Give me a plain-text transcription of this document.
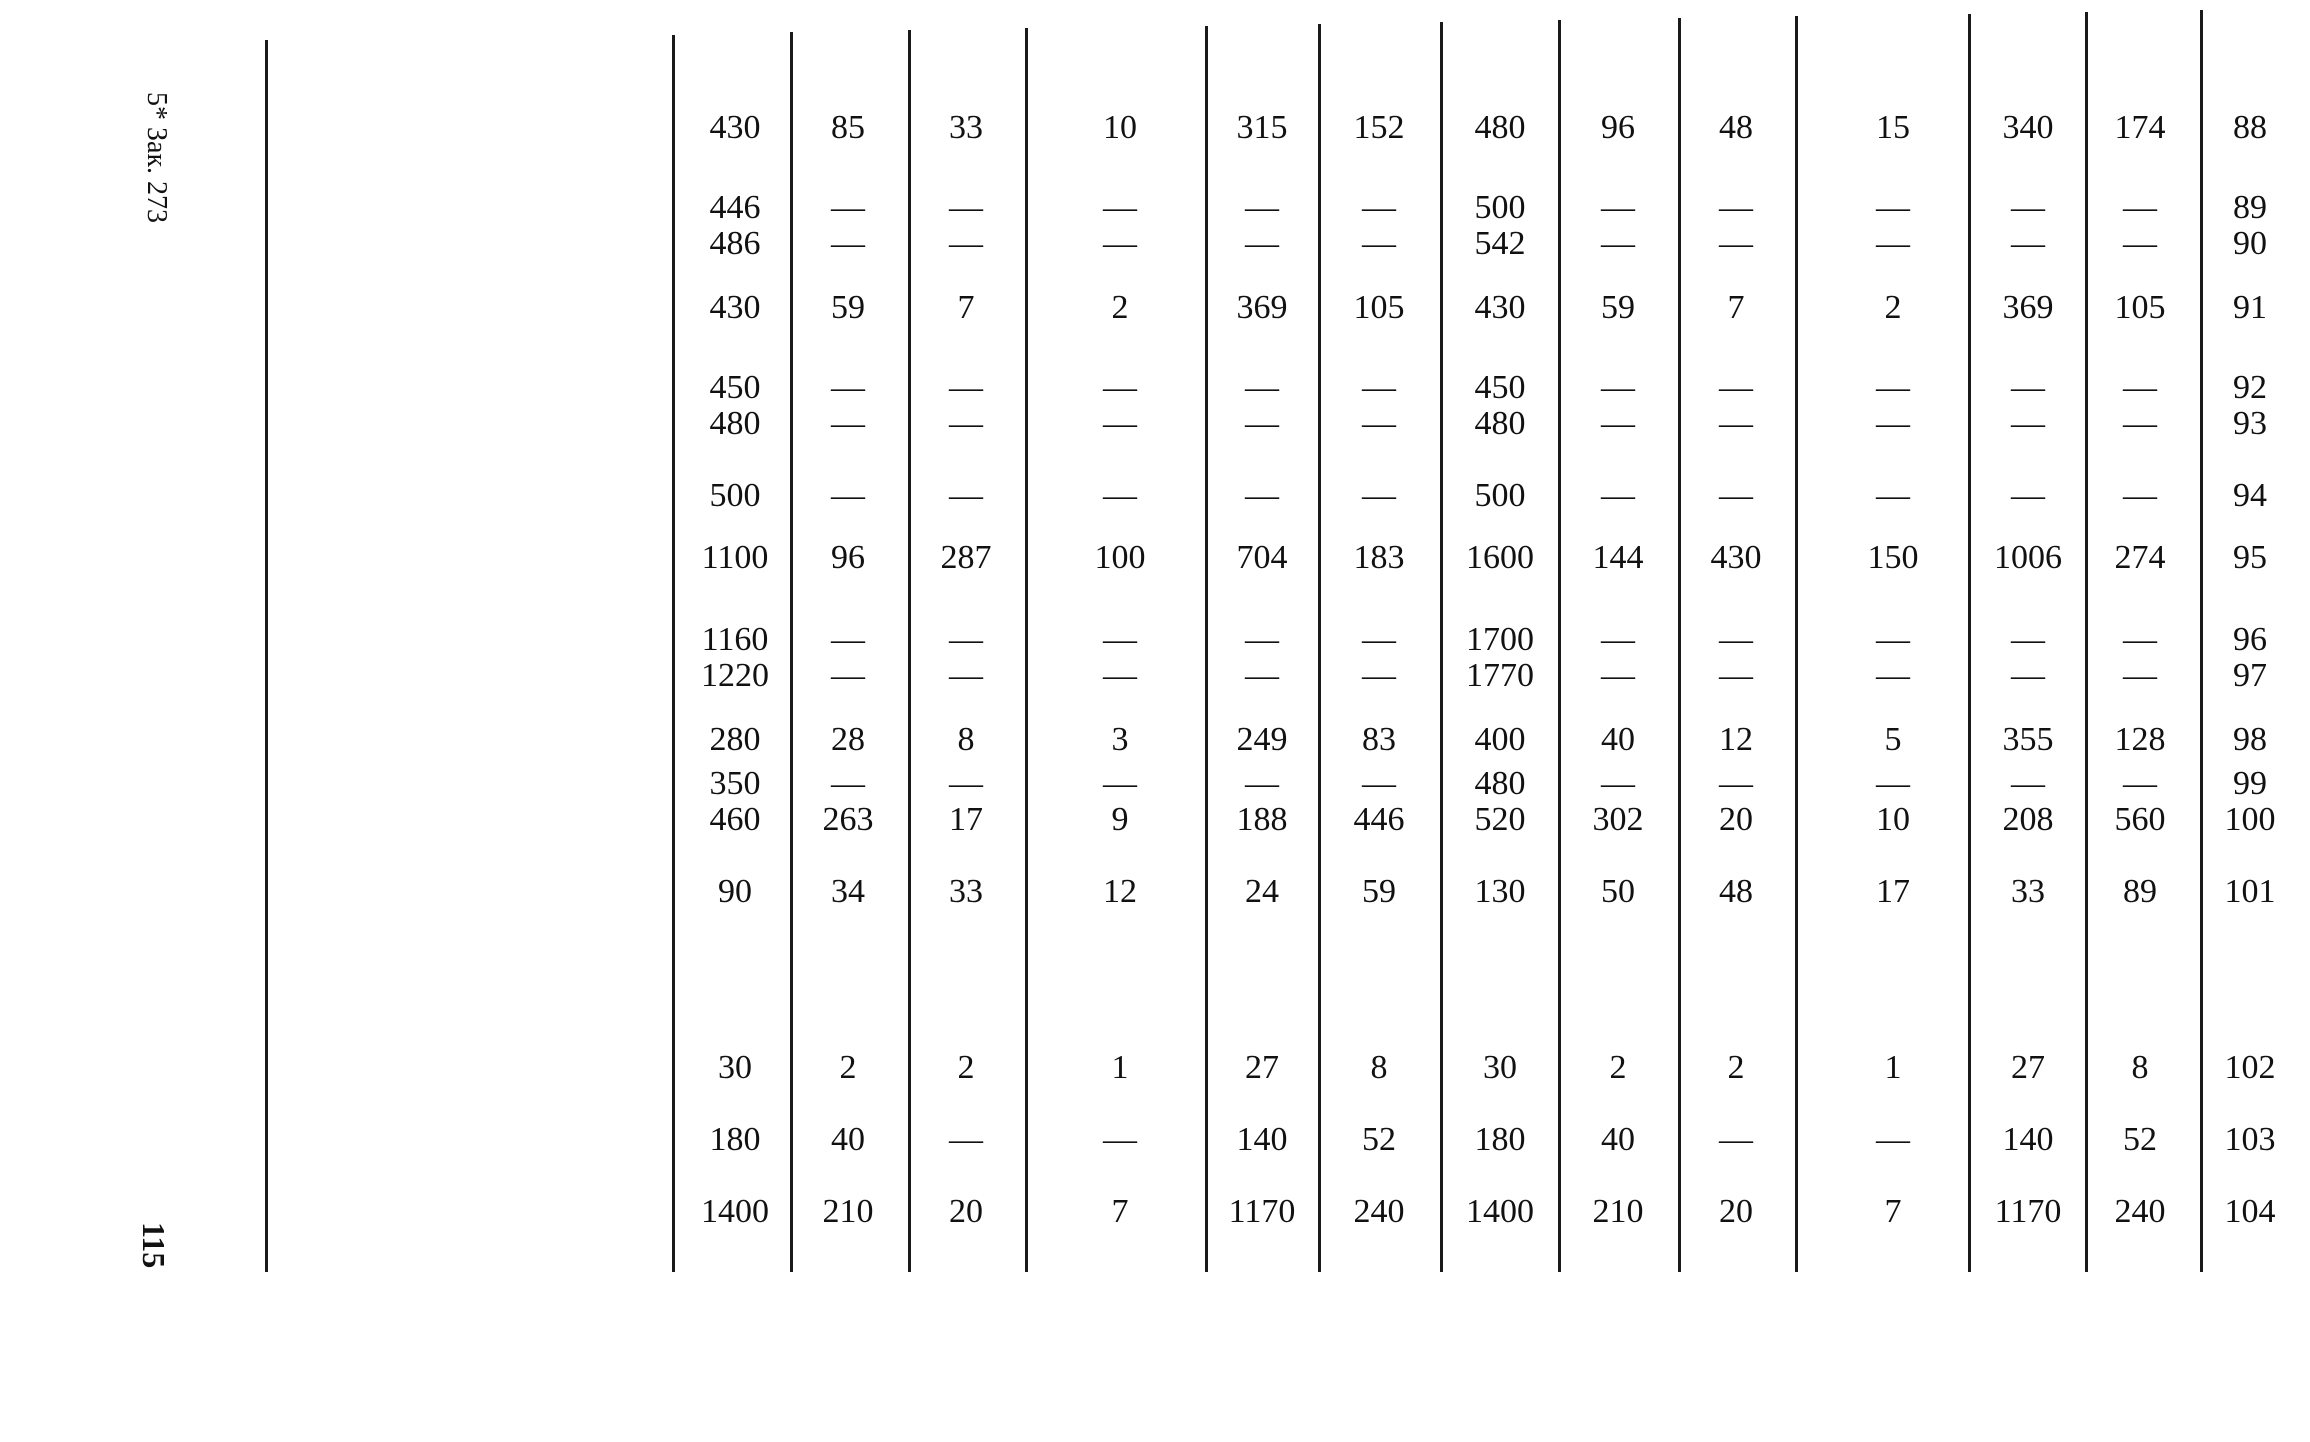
5* Зак. 273
115
430	85	33	10	315	152	480	96	48	15	340	174	88
446	—	—	—	—	—	500	—	—	—	—	—	89
486	—	—	—	—	—	542	—	—	—	—	—	90
430	59	7	2	369	105	430	59	7	2	369	105	91
450	—	—	—	—	—	450	—	—	—	—	—	92
480	—	—	—	—	—	480	—	—	—	—	—	93
500	—	—	—	—	—	500	—	—	—	—	—	94
1100	96	287	100	704	183	1600	144	430	150	1006	274	95
1160	—	—	—	—	—	1700	—	—	—	—	—	96
1220	—	—	—	—	—	1770	—	—	—	—	—	97
280	28	8	3	249	83	400	40	12	5	355	128	98
350	—	—	—	—	—	480	—	—	—	—	—	99
460	263	17	9	188	446	520	302	20	10	208	560	100
90	34	33	12	24	59	130	50	48	17	33	89	101
30	2	2	1	27	8	30	2	2	1	27	8	102
180	40	—	—	140	52	180	40	—	—	140	52	103
1400	210	20	7	1170	240	1400	210	20	7	1170	240	104
